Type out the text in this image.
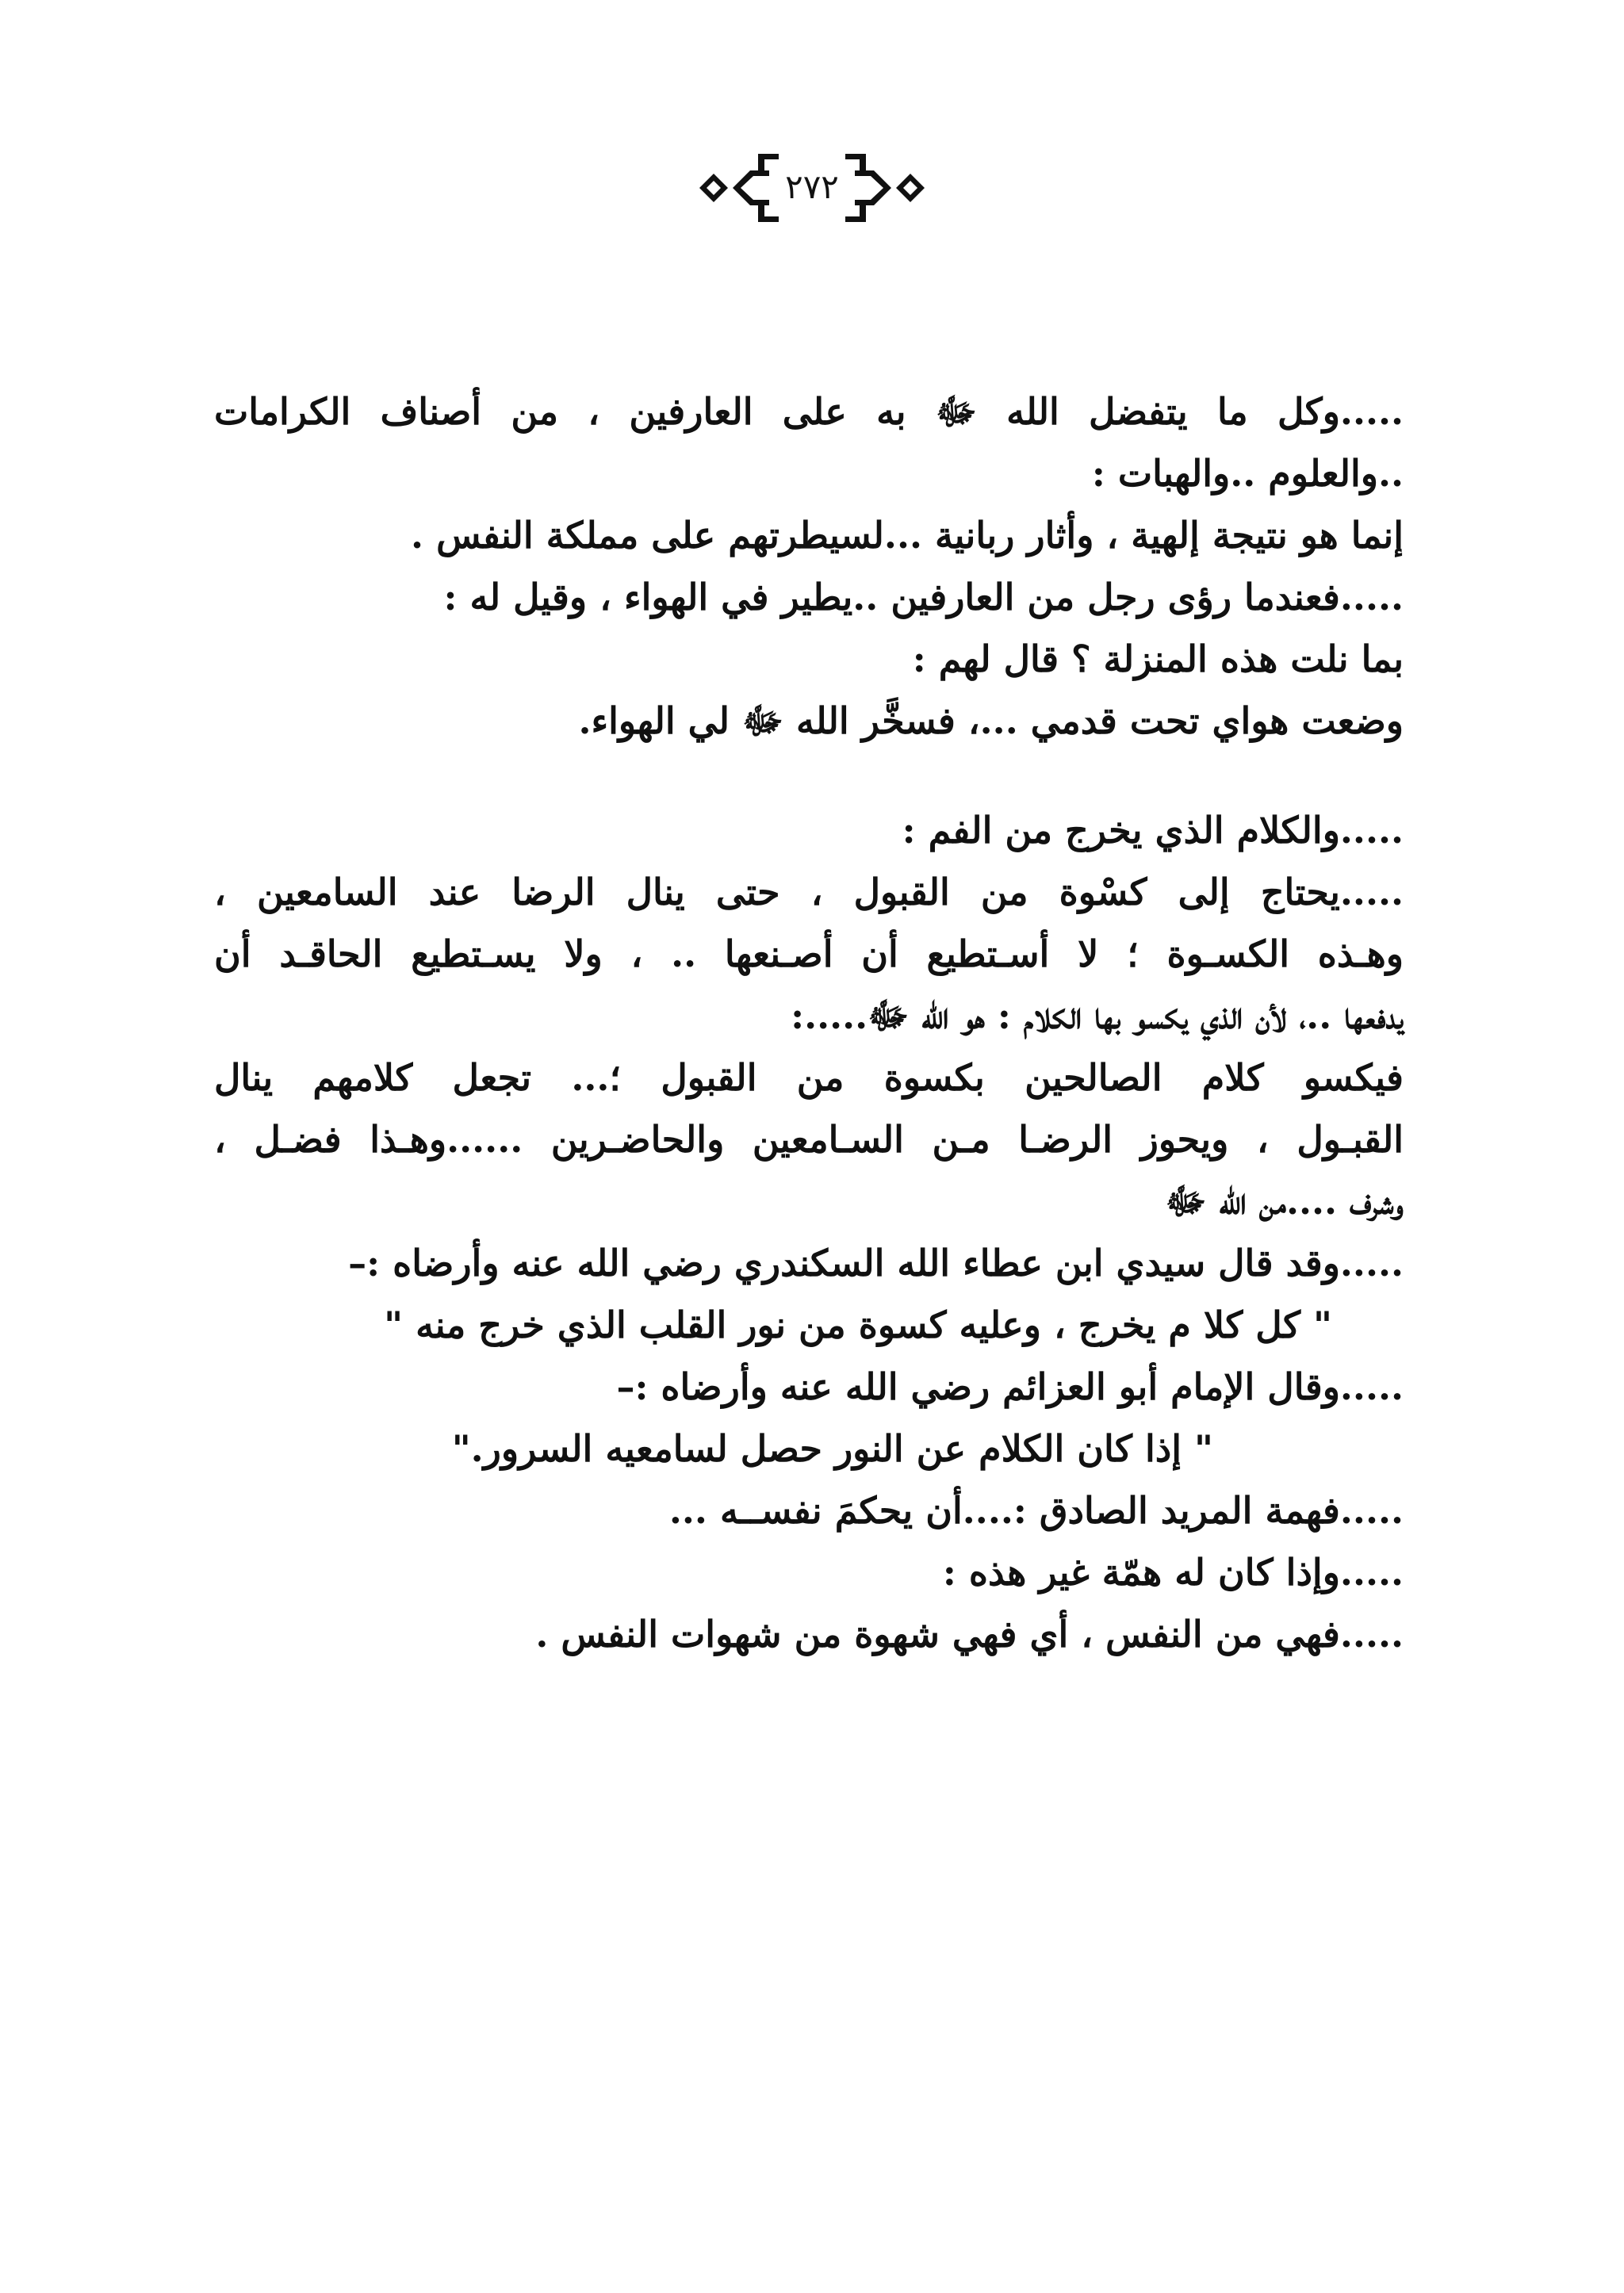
٢٧٢
.....وكل ما يتفضل الله ﷻ به على العارفين ، من أصناف الكرامات
..والعلوم ..والهبات :
إنما هو نتيجة إلهية ، وأثار ربانية ...لسيطرتهم على مملكة النفس .
.....فعندما رؤى رجل من العارفين ..يطير في الهواء ، وقيل له :
بما نلت هذه المنزلة ؟ قال لهم :
وضعت هواي تحت قدمي ...، فسخَّر الله ﷻ لي الهواء.
.....والكلام الذي يخرج من الفم :
.....يحتاج إلى كسْوة من القبول ، حتى ينال الرضا عند السامعين ،
وهـذه الكسـوة ؛ لا أسـتطيع أن أصـنعها .. ، ولا يسـتطيع الحاقـد أن
يدفعها ..، لأن الذي يكسو بها الكلام : هو الله ﷻ.....:
فيكسو كلام الصالحين بكسوة من القبول ؛... تجعل كلامهم ينال
القبـول ، ويحوز الرضـا مـن السـامعين والحاضـرين ......وهـذا فضـل ،
وشرف ....من الله ﷻ
.....وقد قال سيدي ابن عطاء الله السكندري رضي الله عنه وأرضاه :–
" كل كلا م يخرج ، وعليه كسوة من نور القلب الذي خرج منه "
.....وقال الإمام أبو العزائم رضي الله عنه وأرضاه :–
" إذا كان الكلام عن النور حصل لسامعيه السرور."
.....فهمة المريد الصادق :....أن يحكمَ نفســه ...
.....وإذا كان له همّة غير هذه :
.....فهي من النفس ، أي فهي شهوة من شهوات النفس .
